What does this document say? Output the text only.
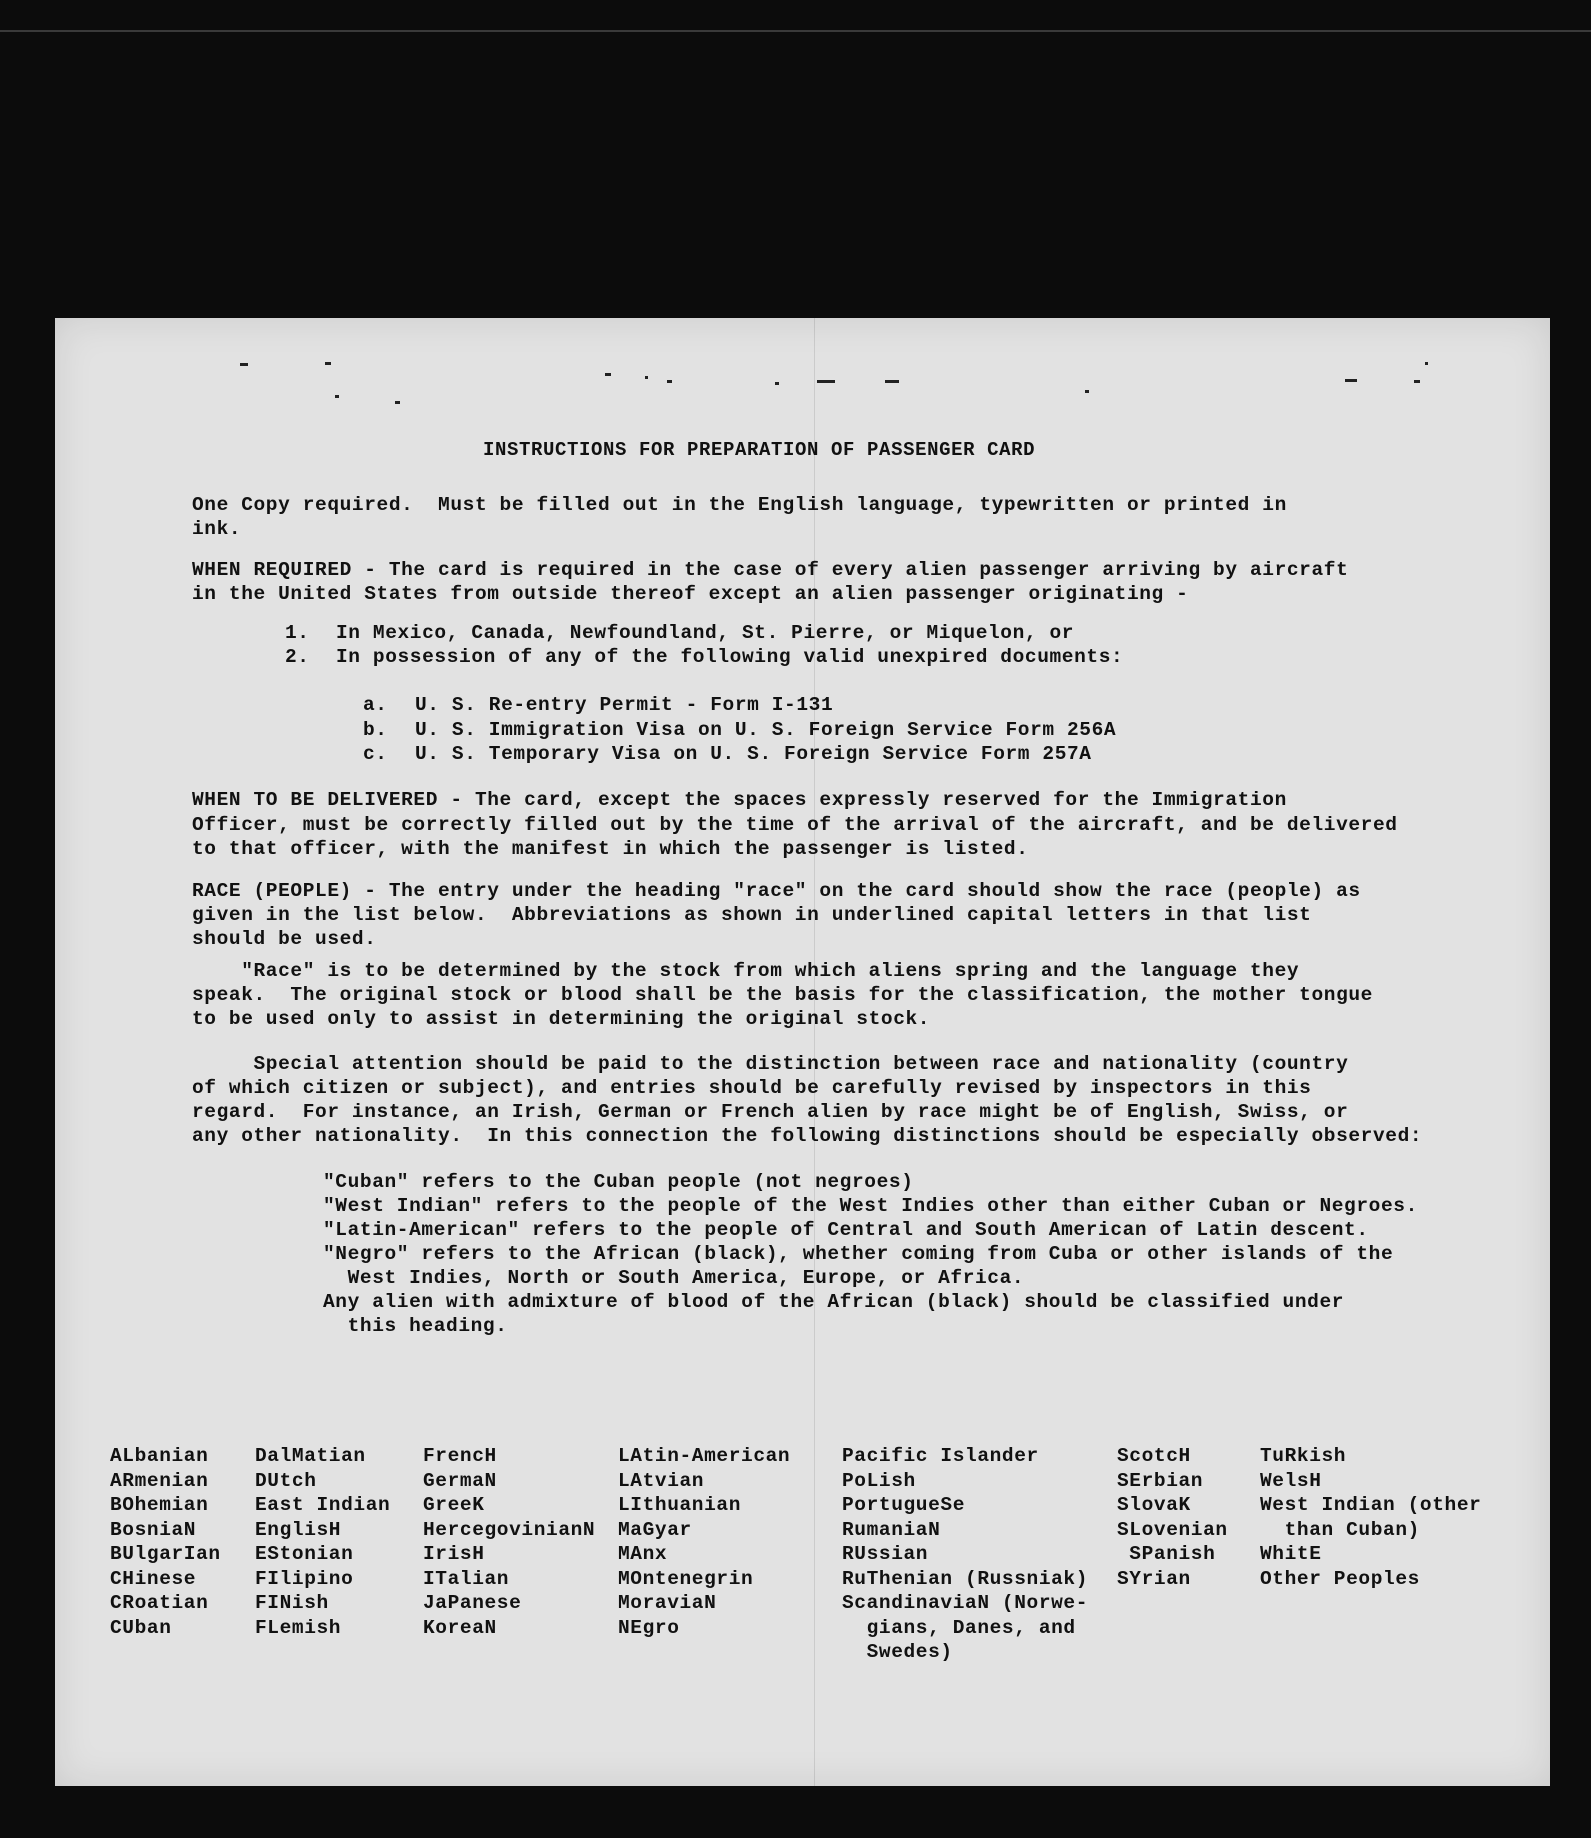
INSTRUCTIONS FOR PREPARATION OF PASSENGER CARD
One Copy required.  Must be filled out in the English language, typewritten or printed in
ink.
WHEN REQUIRED - The card is required in the case of every alien passenger arriving by aircraft
in the United States from outside thereof except an alien passenger originating -
1. In Mexico, Canada, Newfoundland, St. Pierre, or Miquelon, or
2. In possession of any of the following valid unexpired documents:
a. U. S. Re-entry Permit - Form I-131
b. U. S. Immigration Visa on U. S. Foreign Service Form 256A
c. U. S. Temporary Visa on U. S. Foreign Service Form 257A
WHEN TO BE DELIVERED - The card, except the spaces expressly reserved for the Immigration
Officer, must be correctly filled out by the time of the arrival of the aircraft, and be delivered
to that officer, with the manifest in which the passenger is listed.
RACE (PEOPLE) - The entry under the heading "race" on the card should show the race (people) as
given in the list below.  Abbreviations as shown in underlined capital letters in that list
should be used.
"Race" is to be determined by the stock from which aliens spring and the language they
speak.  The original stock or blood shall be the basis for the classification, the mother tongue
to be used only to assist in determining the original stock.
Special attention should be paid to the distinction between race and nationality (country
of which citizen or subject), and entries should be carefully revised by inspectors in this
regard.  For instance, an Irish, German or French alien by race might be of English, Swiss, or
any other nationality.  In this connection the following distinctions should be especially observed:
"Cuban" refers to the Cuban people (not negroes)
"West Indian" refers to the people of the West Indies other than either Cuban or Negroes.
"Latin-American" refers to the people of Central and South American of Latin descent.
"Negro" refers to the African (black), whether coming from Cuba or other islands of the
West Indies, North or South America, Europe, or Africa.
Any alien with admixture of blood of the African (black) should be classified under
this heading.
ALbanian
ARmenian
BOhemian
BosniaN
BUlgarIan
CHinese
CRoatian
CUban
DalMatian
DUtch
East Indian
EnglisH
EStonian
FIlipino
FINish
FLemish
FrencH
GermaN
GreeK
HercegovinianN
IrisH
ITalian
JaPanese
KoreaN
LAtin-American
LAtvian
LIthuanian
MaGyar
MAnx
MOntenegrin
MoraviaN
NEgro
Pacific Islander
PoLish
PortugueSe
RumaniaN
RUssian
RuThenian (Russniak)
ScandinaviaN (Norwe-
gians, Danes, and
Swedes)
ScotcH
SErbian
SlovaK
SLovenian
SPanish
SYrian
TuRkish
WelsH
West Indian (other
than Cuban)
WhitE
Other Peoples
